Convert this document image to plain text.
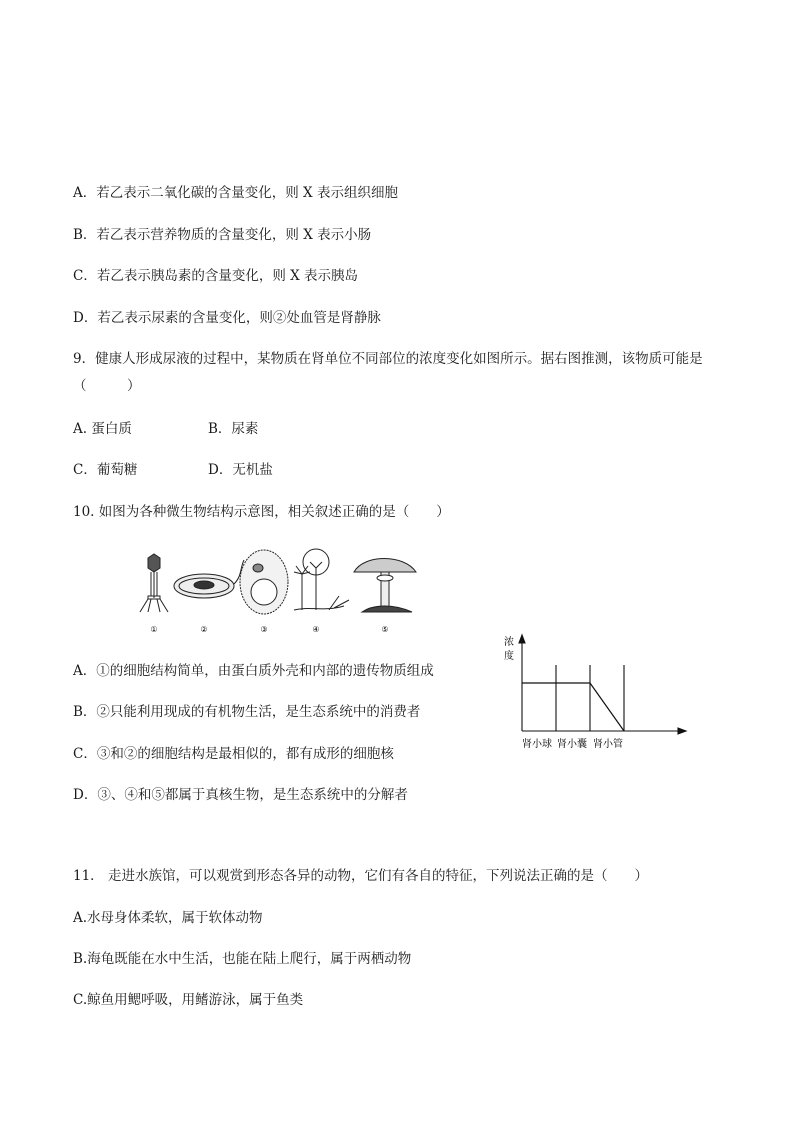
A．若乙表示二氧化碳的含量变化，则 X 表示组织细胞
B．若乙表示营养物质的含量变化，则 X 表示小肠
C．若乙表示胰岛素的含量变化，则 X 表示胰岛
D．若乙表示尿素的含量变化，则②处血管是肾静脉
9．健康人形成尿液的过程中，某物质在肾单位不同部位的浓度变化如图所示。据右图推测，该物质可能是
（　　　）
A. 蛋白质	B．尿素
C．葡萄糖	D．无机盐
10. 如图为各种微生物结构示意图，相关叙述正确的是（　　）
①	②	③	④	⑤
A．①的细胞结构简单，由蛋白质外壳和内部的遗传物质组成
B．②只能利用现成的有机物生活，是生态系统中的消费者
C．③和②的细胞结构是最相似的，都有成形的细胞核
D．③、④和⑤都属于真核生物，是生态系统中的分解者
浓
度
肾小球 肾小囊 肾小管
11． 走进水族馆，可以观赏到形态各异的动物，它们有各自的特征，下列说法正确的是（　　）
A.水母身体柔软，属于软体动物
B.海龟既能在水中生活，也能在陆上爬行，属于两栖动物
C.鲸鱼用鳃呼吸，用鳍游泳，属于鱼类
